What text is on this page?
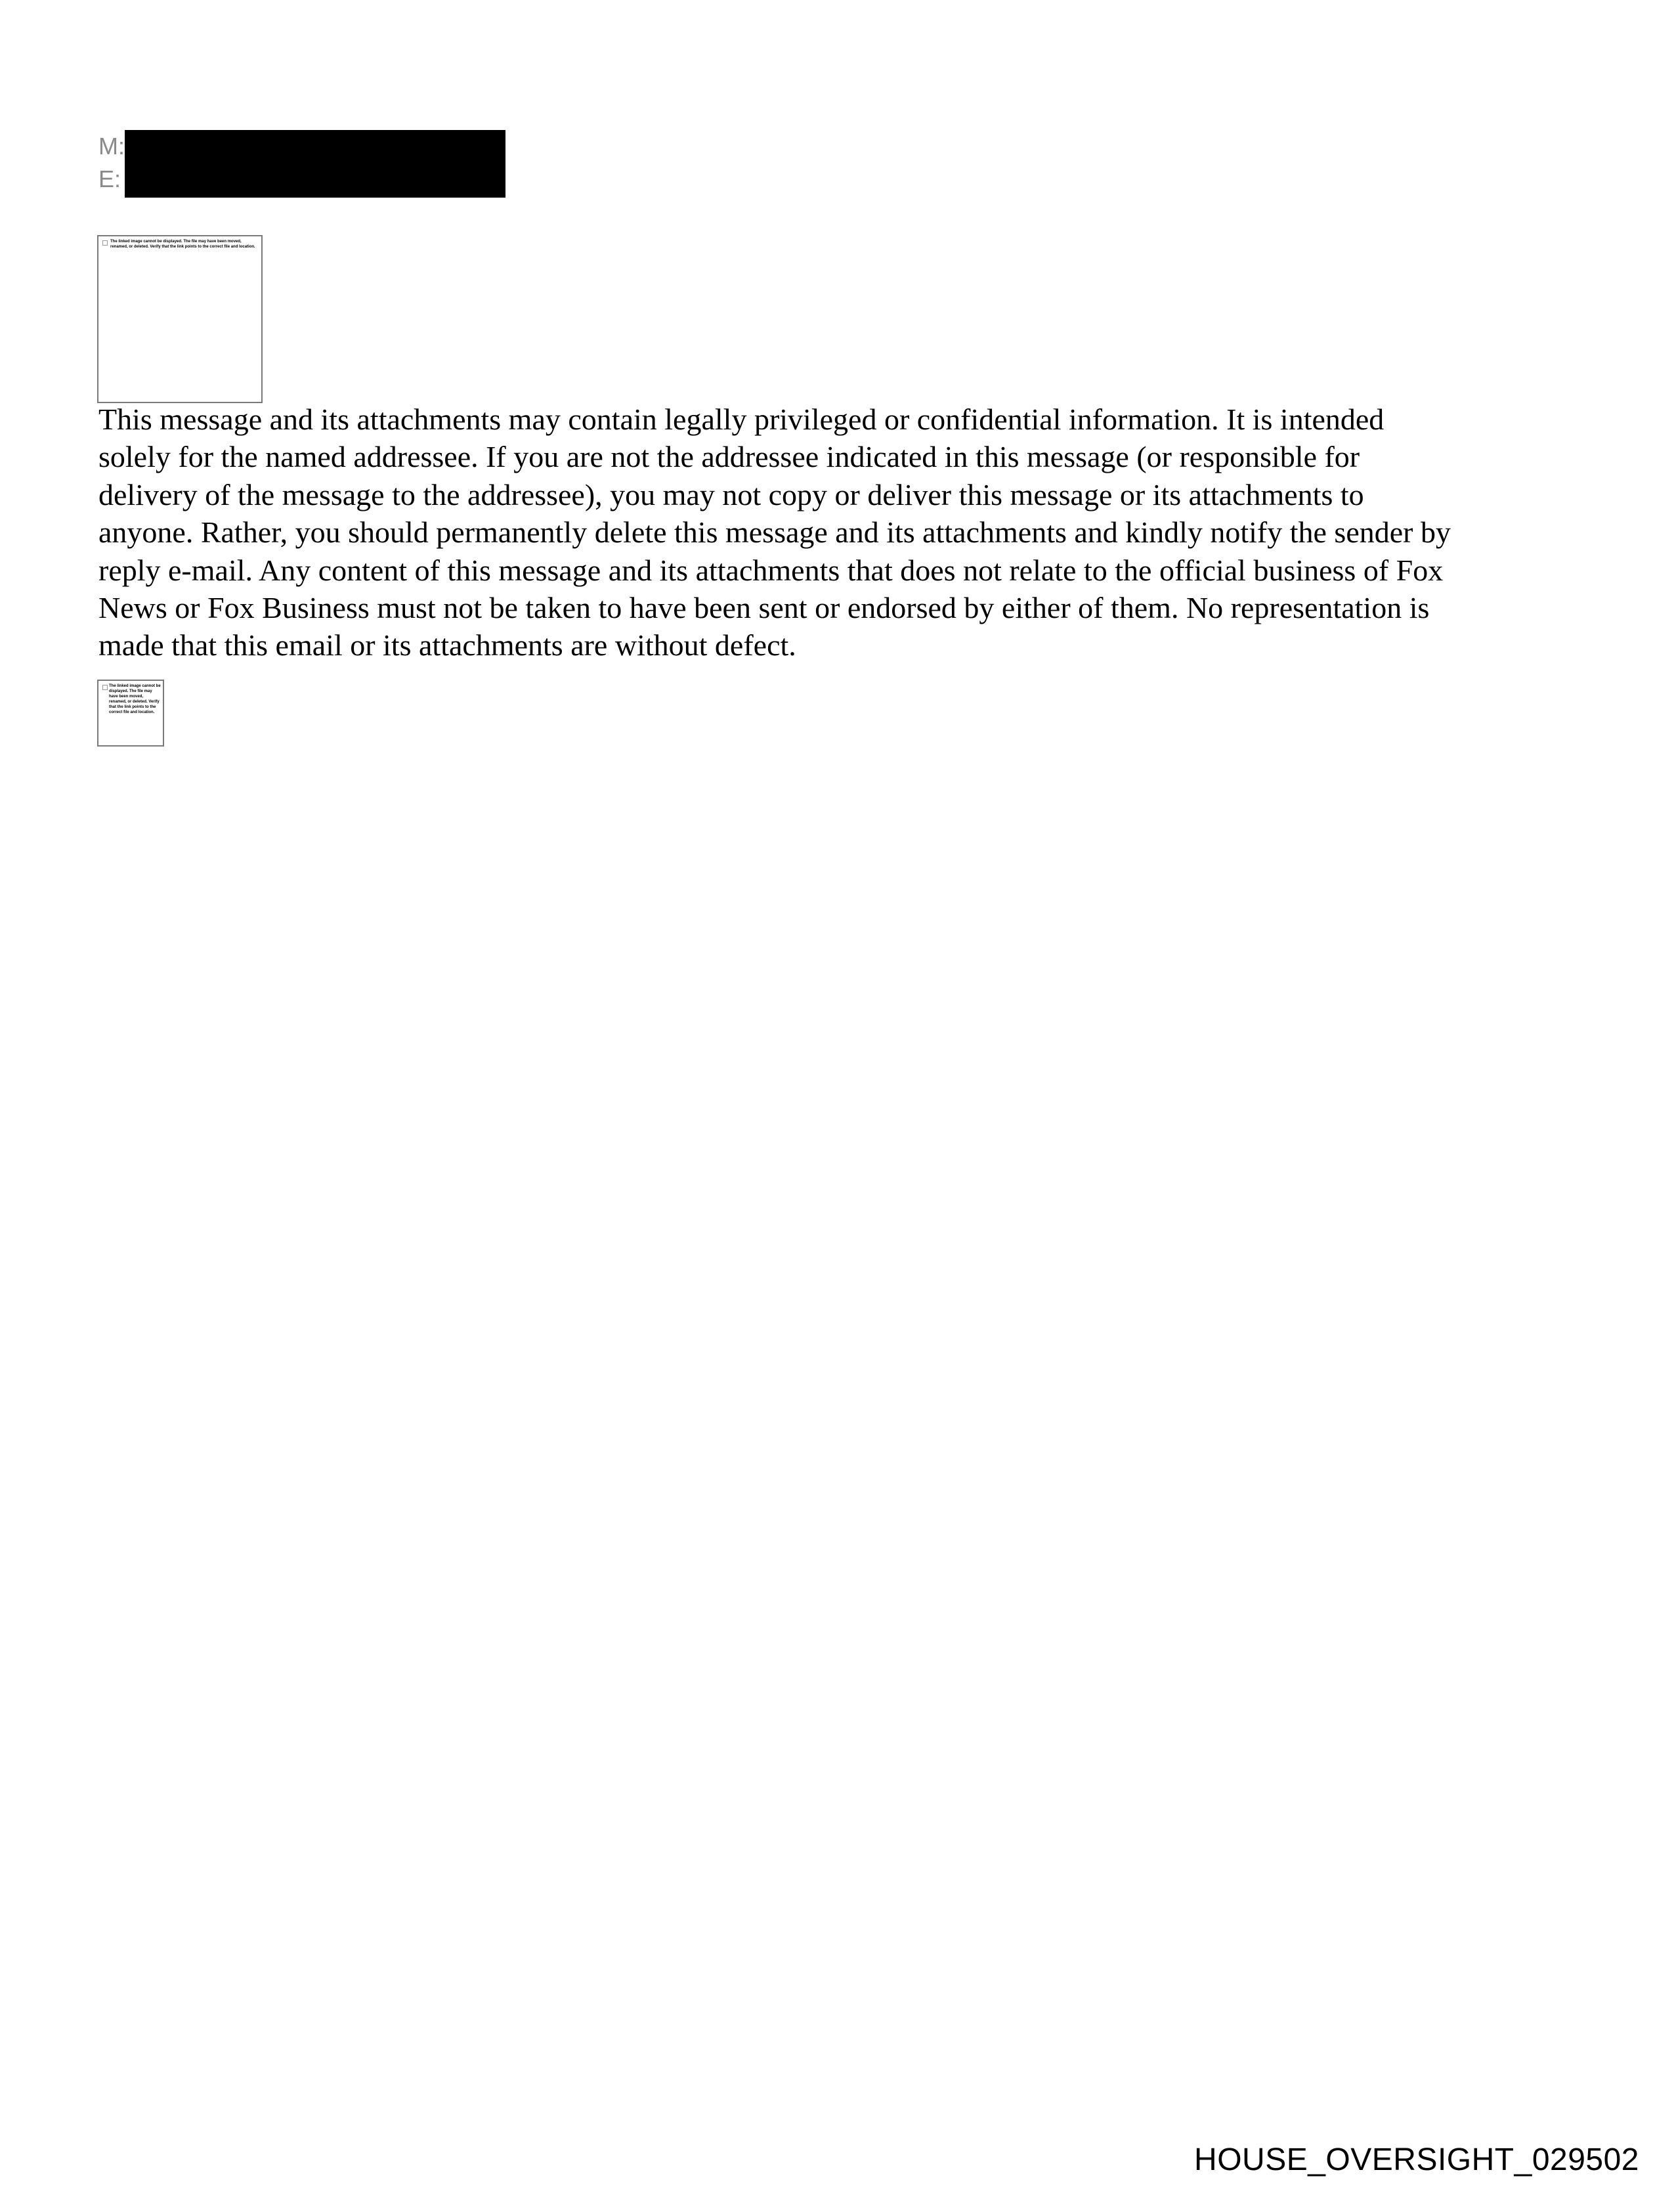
M:
E:

The linked image cannot be displayed. The file may have been moved, renamed, or deleted. Verify that the link points to the correct file and location.

This message and its attachments may contain legally privileged or confidential information. It is intended
solely for the named addressee. If you are not the addressee indicated in this message (or responsible for
delivery of the message to the addressee), you may not copy or deliver this message or its attachments to
anyone. Rather, you should permanently delete this message and its attachments and kindly notify the sender by
reply e-mail. Any content of this message and its attachments that does not relate to the official business of Fox
News or Fox Business must not be taken to have been sent or endorsed by either of them. No representation is
made that this email or its attachments are without defect.

The linked image cannot be displayed. The file may have been moved, renamed, or deleted. Verify that the link points to the correct file and location.

HOUSE_OVERSIGHT_029502
